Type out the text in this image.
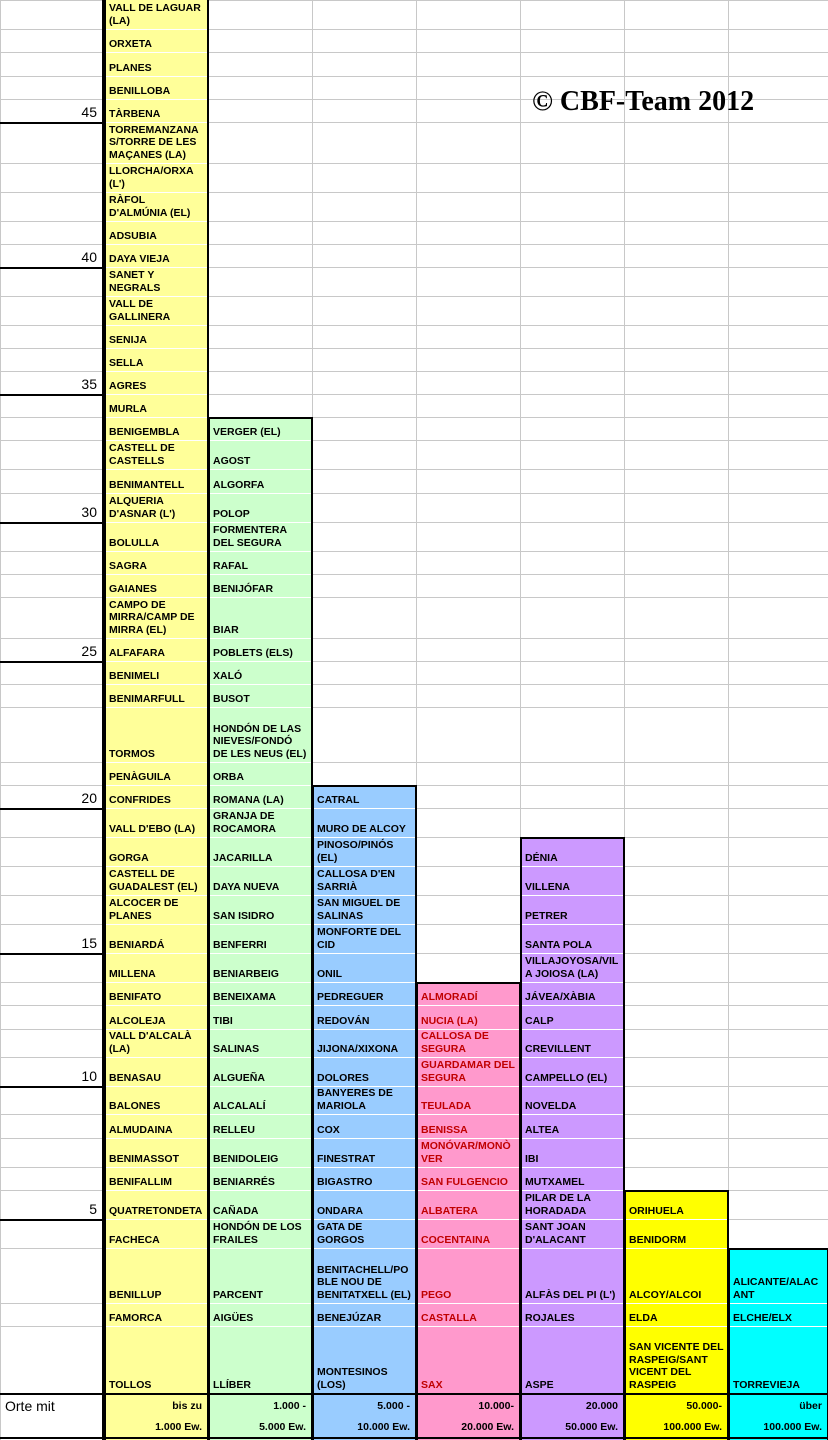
VALL DE LAGUAR (LA)
ORXETA
PLANES
BENILLOBA
TÀRBENA
TORREMANZANAS/TORRE DE LES MAÇANES (LA)
LLORCHA/ORXA (L')
RÀFOL D'ALMÚNIA (EL)
ADSUBIA
DAYA VIEJA
SANET Y NEGRALS
VALL DE GALLINERA
SENIJA
SELLA
AGRES
MURLA
BENIGEMBLA
CASTELL DE CASTELLS
BENIMANTELL
ALQUERIA D'ASNAR (L')
BOLULLA
SAGRA
GAIANES
CAMPO DE MIRRA/CAMP DE MIRRA (EL)
ALFAFARA
BENIMELI
BENIMARFULL
TORMOS
PENÀGUILA
CONFRIDES
VALL D'EBO (LA)
GORGA
CASTELL DE GUADALEST (EL)
ALCOCER DE PLANES
BENIARDÁ
MILLENA
BENIFATO
ALCOLEJA
VALL D'ALCALÀ (LA)
BENASAU
BALONES
ALMUDAINA
BENIMASSOT
BENIFALLIM
QUATRETONDETA
FACHECA
BENILLUP
FAMORCA
TOLLOS
VERGER (EL)
AGOST
ALGORFA
POLOP
FORMENTERA DEL SEGURA
RAFAL
BENIJÓFAR
BIAR
POBLETS (ELS)
XALÓ
BUSOT
HONDÓN DE LAS NIEVES/FONDÓ DE LES NEUS (EL)
ORBA
ROMANA (LA)
GRANJA DE ROCAMORA
JACARILLA
DAYA NUEVA
SAN ISIDRO
BENFERRI
BENIARBEIG
BENEIXAMA
TIBI
SALINAS
ALGUEÑA
ALCALALÍ
RELLEU
BENIDOLEIG
BENIARRÉS
CAÑADA
HONDÓN DE LOS FRAILES
PARCENT
AIGÜES
LLÍBER
CATRAL
MURO DE ALCOY
PINOSO/PINÓS (EL)
CALLOSA D'EN SARRIÀ
SAN MIGUEL DE SALINAS
MONFORTE DEL CID
ONIL
PEDREGUER
REDOVÁN
JIJONA/XIXONA
DOLORES
BANYERES DE MARIOLA
COX
FINESTRAT
BIGASTRO
ONDARA
GATA DE GORGOS
BENITACHELL/POBLE NOU DE BENITATXELL (EL)
BENEJÚZAR
MONTESINOS (LOS)
ALMORADÍ
NUCIA (LA)
CALLOSA DE SEGURA
GUARDAMAR DEL SEGURA
TEULADA
BENISSA
MONÓVAR/MONÒVER
SAN FULGENCIO
ALBATERA
COCENTAINA
PEGO
CASTALLA
SAX
DÉNIA
VILLENA
PETRER
SANTA POLA
VILLAJOYOSA/VILA JOIOSA (LA)
JÁVEA/XÀBIA
CALP
CREVILLENT
CAMPELLO (EL)
NOVELDA
ALTEA
IBI
MUTXAMEL
PILAR DE LA HORADADA
SANT JOAN D'ALACANT
ALFÀS DEL PI (L')
ROJALES
ASPE
ORIHUELA
BENIDORM
ALCOY/ALCOI
ELDA
SAN VICENTE DEL RASPEIG/SANT VICENT DEL RASPEIG
ALICANTE/ALACANT
ELCHE/ELX
TORREVIEJA
45
40
35
30
25
20
15
10
5
bis zu
1.000 Ew.
1.000 -
5.000 Ew.
5.000 -
10.000 Ew.
10.000-
20.000 Ew.
20.000
50.000 Ew.
50.000-
100.000 Ew.
über
100.000 Ew.
© CBF-Team 2012
Orte mit
